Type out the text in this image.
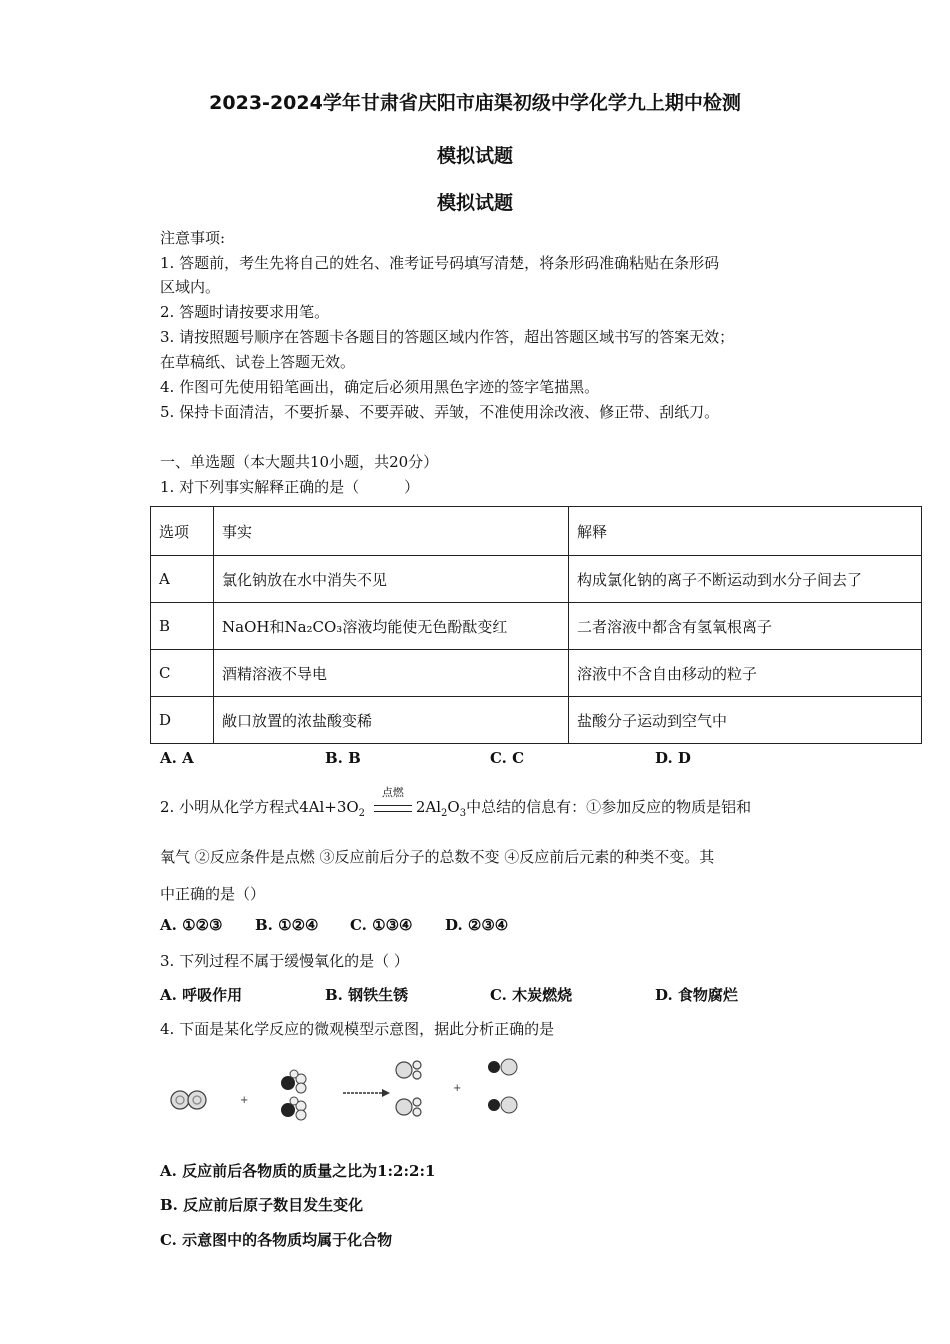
2023-2024学年甘肃省庆阳市庙渠初级中学化学九上期中检测
模拟试题
模拟试题
注意事项:
1. 答题前，考生先将自己的姓名、准考证号码填写清楚，将条形码准确粘贴在条形码
区域内。
2. 答题时请按要求用笔。
3. 请按照题号顺序在答题卡各题目的答题区域内作答，超出答题区域书写的答案无效；
在草稿纸、试卷上答题无效。
4. 作图可先使用铅笔画出，确定后必须用黑色字迹的签字笔描黑。
5. 保持卡面清洁，不要折暴、不要弄破、弄皱，不准使用涂改液、修正带、刮纸刀。
一、单选题（本大题共10小题，共20分）
1. 对下列事实解释正确的是（　　　）
选项	事实	解释
A	氯化钠放在水中消失不见	构成氯化钠的离子不断运动到水分子间去了
B	NaOH和Na₂CO₃溶液均能使无色酚酞变红	二者溶液中都含有氢氧根离子
C	酒精溶液不导电	溶液中不含自由移动的粒子
D	敞口放置的浓盐酸变稀	盐酸分子运动到空气中
A. A	B. B	C. C	D. D
2. 小明从化学方程式$4Al+3O_2$
点燃
$2Al_2O_3$中总结的信息有：①参加反应的物质是铝和
氧气 ②反应条件是点燃 ③反应前后分子的总数不变 ④反应前后元素的种类不变。其
中正确的是（）
A. ①②③ B. ①②④ C. ①③④ D. ②③④
3. 下列过程不属于缓慢氧化的是（ ）
A. 呼吸作用	B. 钢铁生锈	C. 木炭燃烧	D. 食物腐烂
4. 下面是某化学反应的微观模型示意图，据此分析正确的是
+
+
A. 反应前后各物质的质量之比为1:2:2:1
B. 反应前后原子数目发生变化
C. 示意图中的各物质均属于化合物
